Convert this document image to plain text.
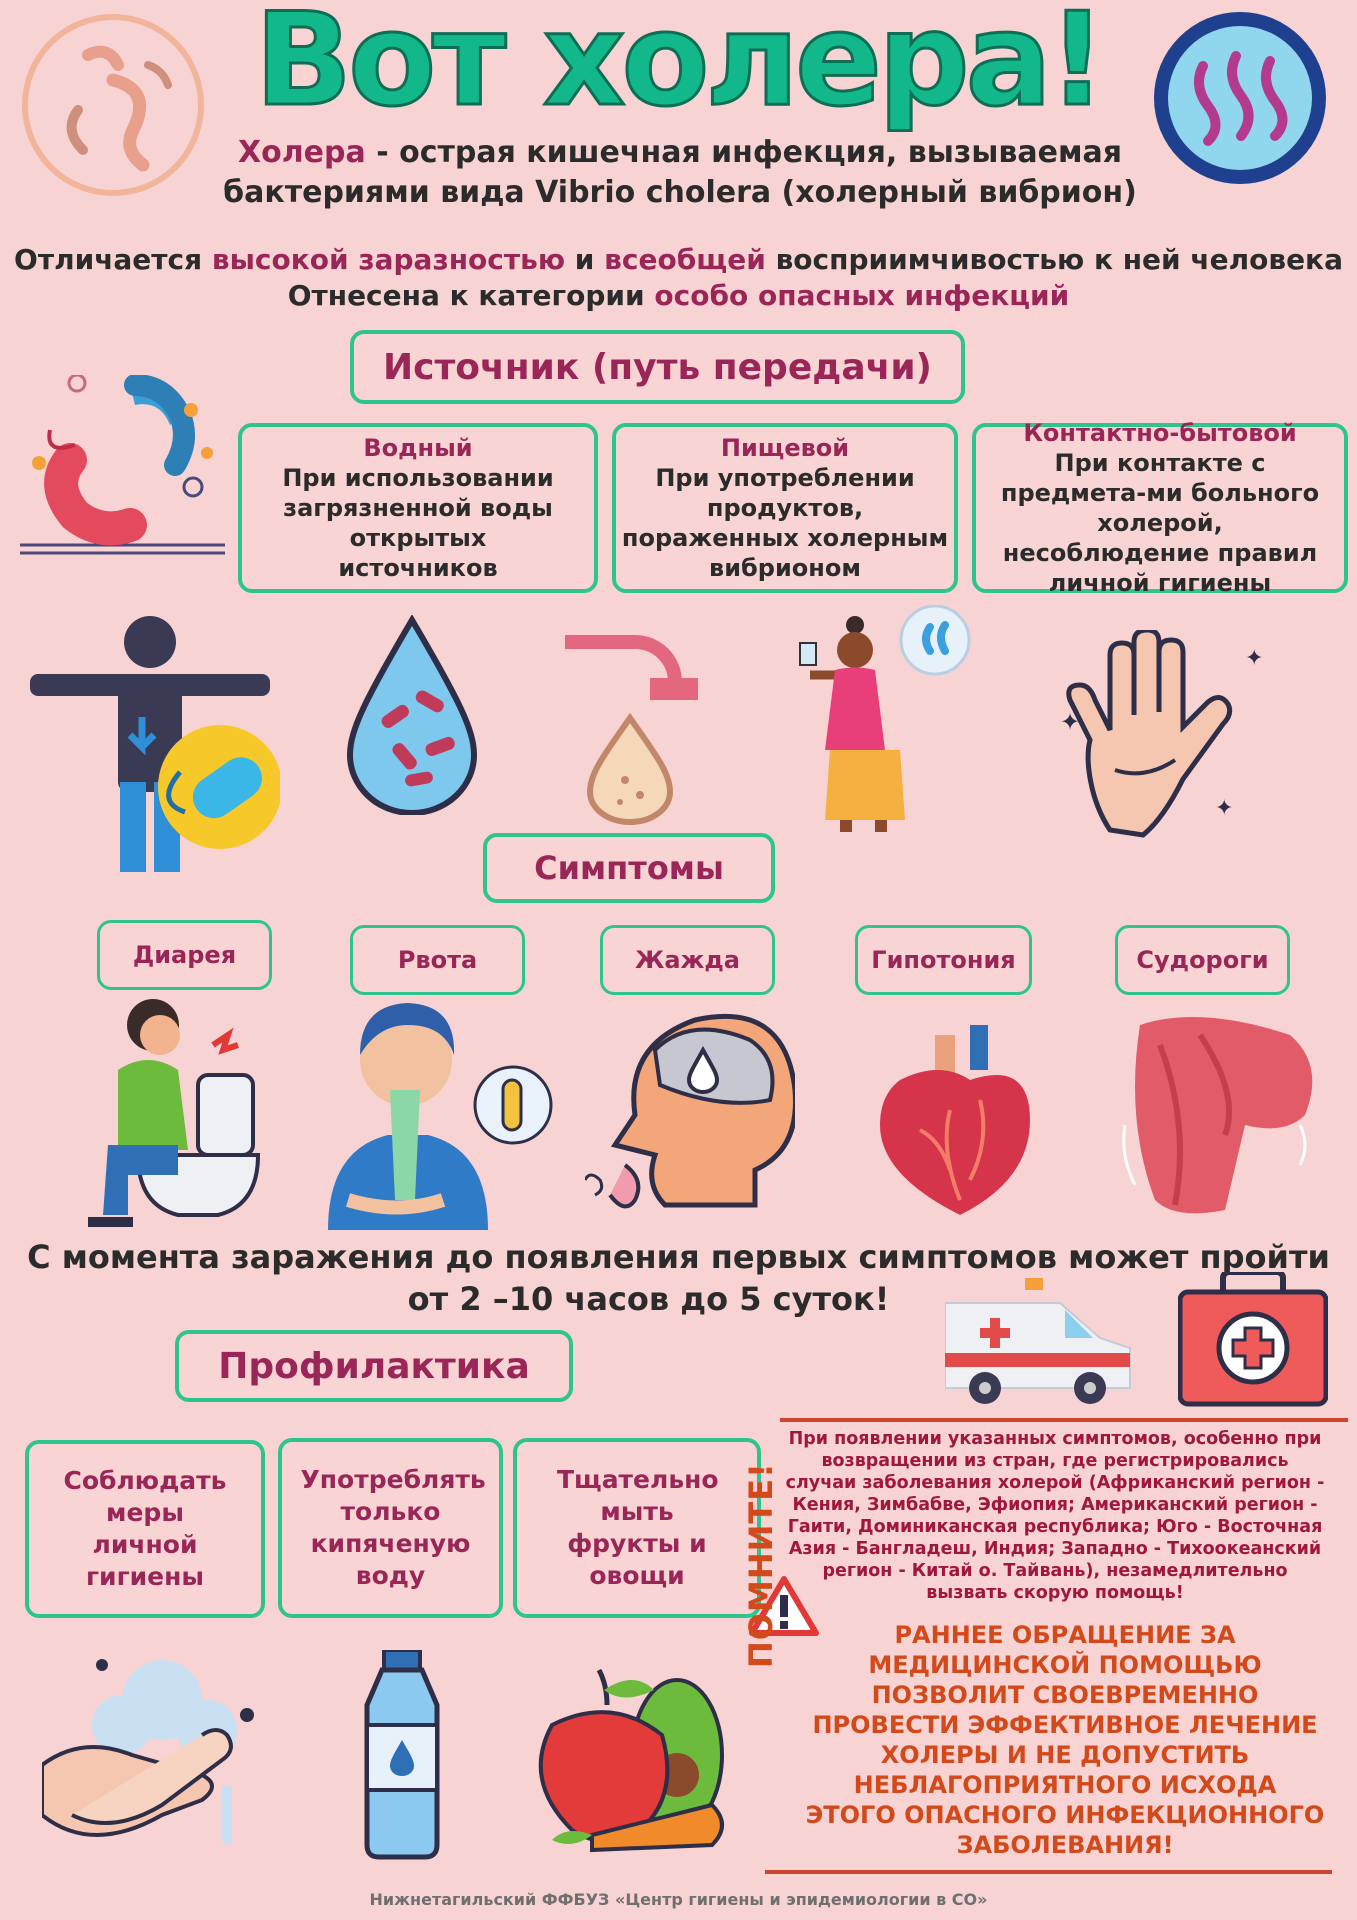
Вот холера!
Холера - острая кишечная инфекция, вызываемая
бактериями вида Vibrio cholera (холерный вибрион)
Отличается высокой заразностью и всеобщей восприимчивостью к ней человека
Отнесена к категории особо опасных инфекций
Источник (путь передачи)
Водный
При использовании загрязненной воды открытых источников
Пищевой
При употреблении продуктов, пораженных холерным вибрионом
Контактно-бытовой
При контакте с предмета-ми больного холерой, несоблюдение правил личной гигиены
✦
✦
✦
Симптомы
Диарея	Рвота	Жажда	Гипотония	Судороги
С момента заражения до появления первых симптомов может пройти
от 2 –10 часов до 5 суток!
Профилактика
Соблюдать меры личной гигиены
Употреблять только кипяченую воду
Тщательно мыть фрукты и овощи
При появлении указанных симптомов, особенно при возвращении из стран, где регистрировались случаи заболевания холерой (Африканский регион - Кения, Зимбабве, Эфиопия; Американский регион - Гаити, Доминиканская республика; Юго - Восточная Азия - Бангладеш, Индия; Западно - Тихоокеанский регион - Китай о. Тайвань), незамедлительно вызвать скорую помощь!
ПОМНИТЕ!	РАННЕЕ ОБРАЩЕНИЕ ЗА МЕДИЦИНСКОЙ ПОМОЩЬЮ ПОЗВОЛИТ СВОЕВРЕМЕННО ПРОВЕСТИ ЭФФЕКТИВНОЕ ЛЕЧЕНИЕ ХОЛЕРЫ И НЕ ДОПУСТИТЬ НЕБЛАГОПРИЯТНОГО ИСХОДА ЭТОГО ОПАСНОГО ИНФЕКЦИОННОГО ЗАБОЛЕВАНИЯ!
Нижнетагильский ФФБУЗ «Центр гигиены и эпидемиологии в СО»
